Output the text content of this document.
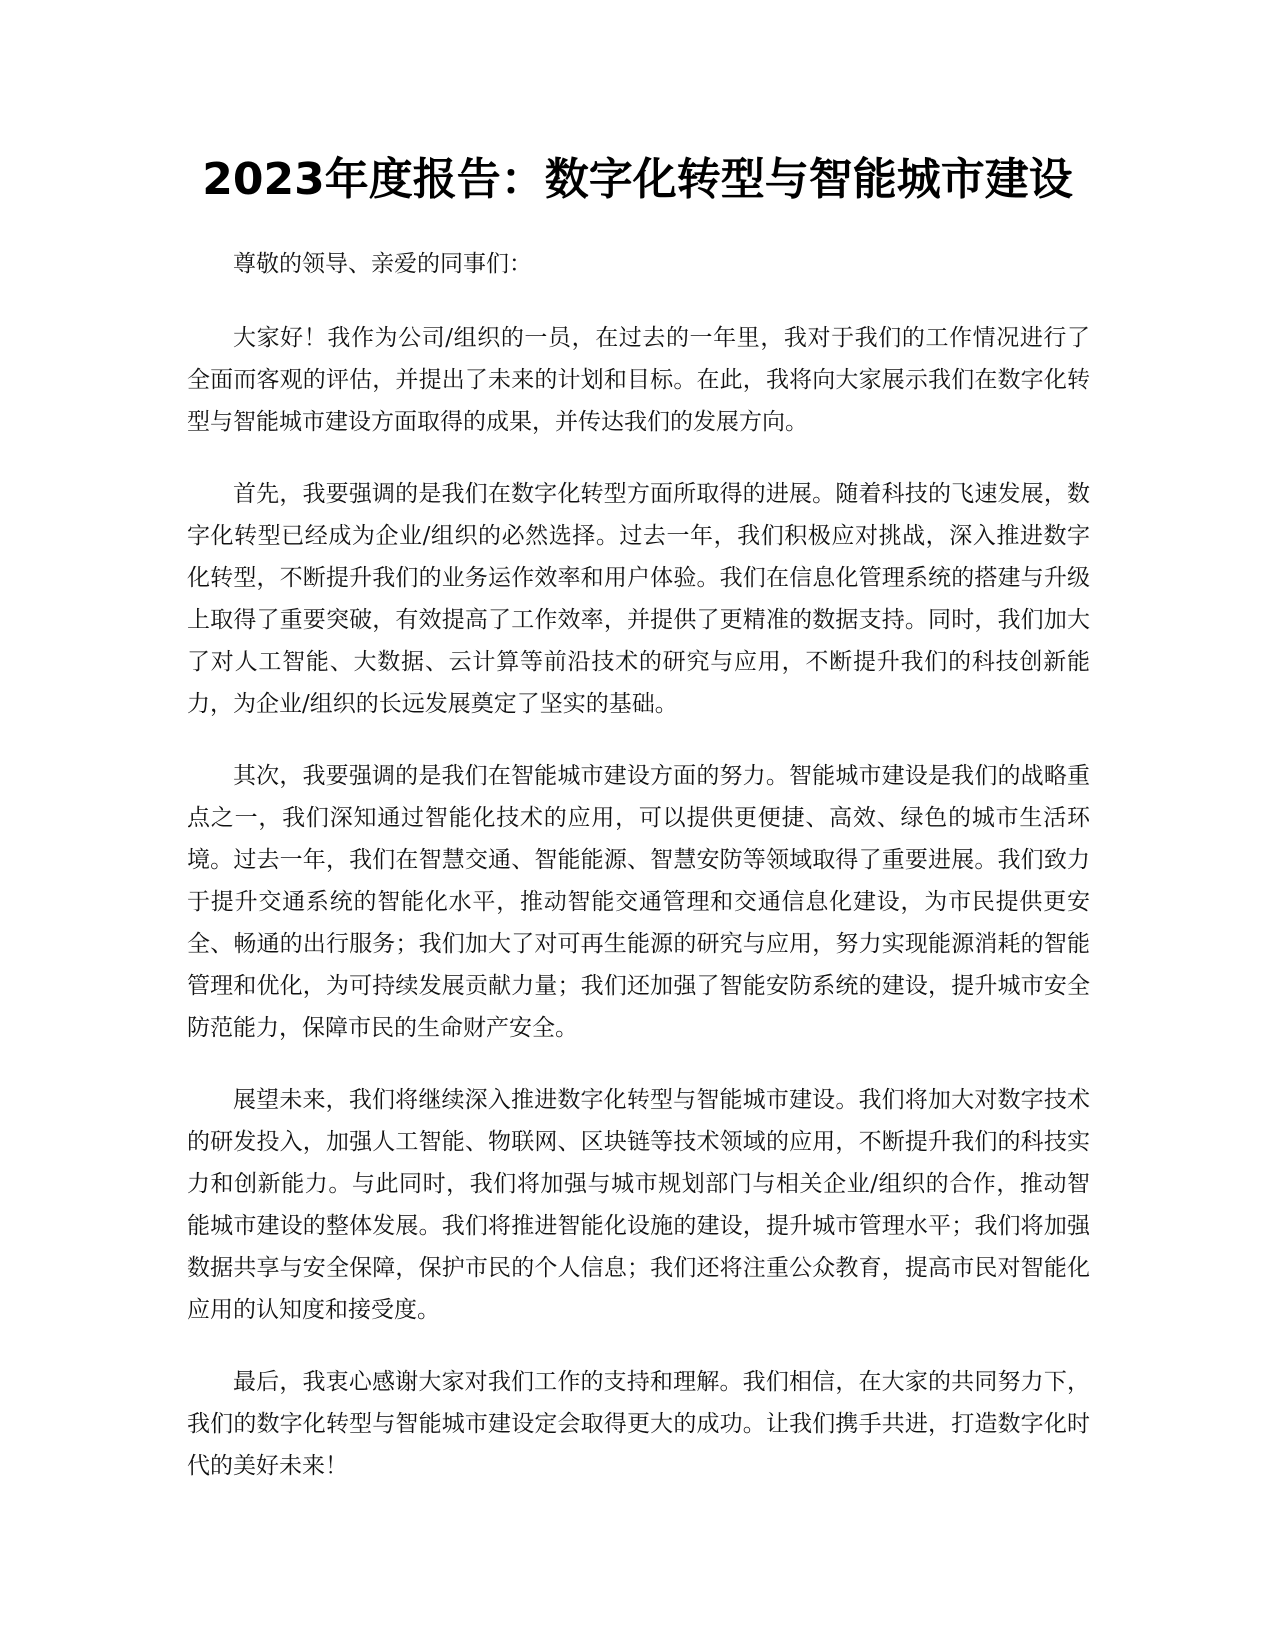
2023年度报告：数字化转型与智能城市建设

尊敬的领导、亲爱的同事们：

大家好！我作为公司/组织的一员，在过去的一年里，我对于我们的工作情况进行了全面而客观的评估，并提出了未来的计划和目标。在此，我将向大家展示我们在数字化转型与智能城市建设方面取得的成果，并传达我们的发展方向。

首先，我要强调的是我们在数字化转型方面所取得的进展。随着科技的飞速发展，数字化转型已经成为企业/组织的必然选择。过去一年，我们积极应对挑战，深入推进数字化转型，不断提升我们的业务运作效率和用户体验。我们在信息化管理系统的搭建与升级上取得了重要突破，有效提高了工作效率，并提供了更精准的数据支持。同时，我们加大了对人工智能、大数据、云计算等前沿技术的研究与应用，不断提升我们的科技创新能力，为企业/组织的长远发展奠定了坚实的基础。

其次，我要强调的是我们在智能城市建设方面的努力。智能城市建设是我们的战略重点之一，我们深知通过智能化技术的应用，可以提供更便捷、高效、绿色的城市生活环境。过去一年，我们在智慧交通、智能能源、智慧安防等领域取得了重要进展。我们致力于提升交通系统的智能化水平，推动智能交通管理和交通信息化建设，为市民提供更安全、畅通的出行服务；我们加大了对可再生能源的研究与应用，努力实现能源消耗的智能管理和优化，为可持续发展贡献力量；我们还加强了智能安防系统的建设，提升城市安全防范能力，保障市民的生命财产安全。

展望未来，我们将继续深入推进数字化转型与智能城市建设。我们将加大对数字技术的研发投入，加强人工智能、物联网、区块链等技术领域的应用，不断提升我们的科技实力和创新能力。与此同时，我们将加强与城市规划部门与相关企业/组织的合作，推动智能城市建设的整体发展。我们将推进智能化设施的建设，提升城市管理水平；我们将加强数据共享与安全保障，保护市民的个人信息；我们还将注重公众教育，提高市民对智能化应用的认知度和接受度。

最后，我衷心感谢大家对我们工作的支持和理解。我们相信，在大家的共同努力下，我们的数字化转型与智能城市建设定会取得更大的成功。让我们携手共进，打造数字化时代的美好未来！
